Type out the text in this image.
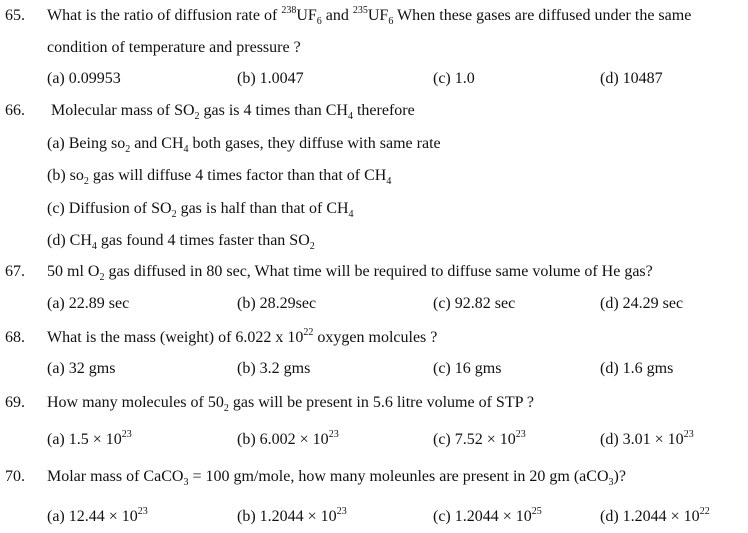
65. What is the ratio of diffusion rate of $^{238}UF_6$ and $^{235}UF_6$ When these gases are diffused under the same
condition of temperature and pressure ?
(a) 0.09953	(b) 1.0047	(c) 1.0	(d) 10487
66. Molecular mass of $SO_2$ gas is 4 times than $CH_4$ therefore
(a) Being $so_2$ and $CH_4$ both gases, they diffuse with same rate
(b) $so_2$ gas will diffuse 4 times factor than that of $CH_4$
(c) Diffusion of $SO_2$ gas is half than that of $CH_4$
(d) $CH_4$ gas found 4 times faster than $SO_2$
67. 50 ml $O_2$ gas diffused in 80 sec, What time will be required to diffuse same volume of He gas?
(a) 22.89 sec	(b) 28.29sec	(c) 92.82 sec	(d) 24.29 sec
68. What is the mass (weight) of 6.022 x $10^{22}$ oxygen molcules ?
(a) 32 gms	(b) 3.2 gms	(c) 16 gms	(d) 1.6 gms
69. How many molecules of $50_2$ gas will be present in 5.6 litre volume of STP ?
(a) $1.5 \times 10^{23}$	(b) $6.002 \times 10^{23}$	(c) $7.52 \times 10^{23}$	(d) $3.01 \times 10^{23}$
70. Molar mass of CaCO$_3$ = 100 gm/mole, how many moleunles are present in 20 gm (aCO$_3$)?
(a) $12.44 \times 10^{23}$	(b) $1.2044 \times 10^{23}$	(c) $1.2044 \times 10^{25}$	(d) $1.2044 \times 10^{22}$
